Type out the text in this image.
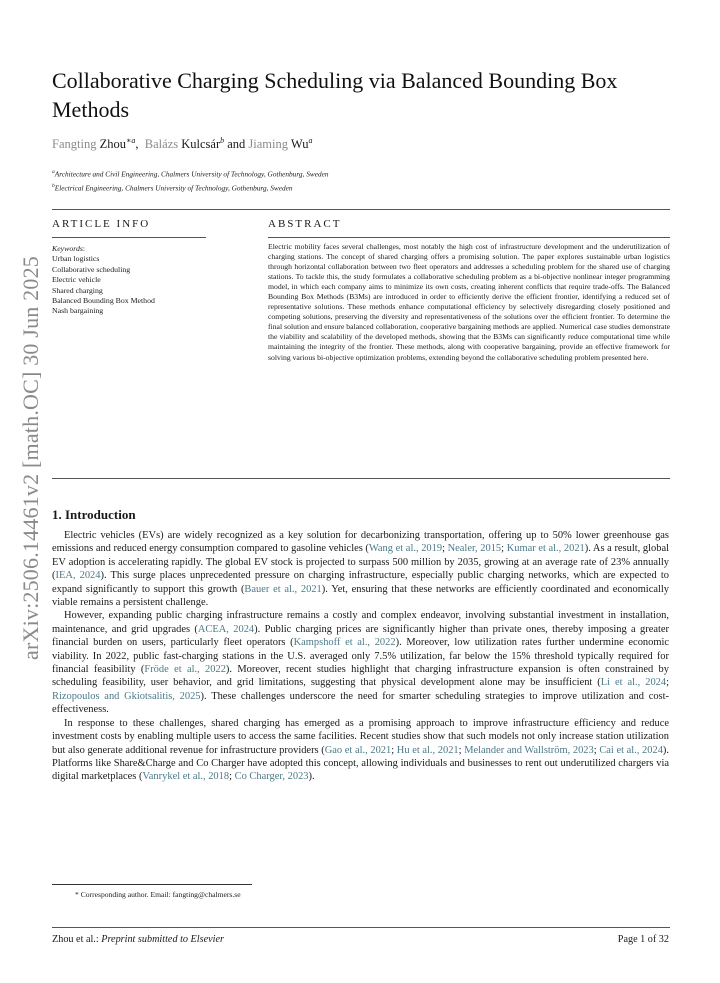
Collaborative Charging Scheduling via Balanced Bounding Box Methods
Fangting Zhou$^{∗a}$, Balázs Kulcsár$^b$ and Jiaming Wu$^a$
$^a$Architecture and Civil Engineering, Chalmers University of Technology, Gothenburg, Sweden
$^b$Electrical Engineering, Chalmers University of Technology, Gothenburg, Sweden
ARTICLE INFO	ABSTRACT
Keywords:
Urban logistics
Collaborative scheduling
Electric vehicle
Shared charging
Balanced Bounding Box Method
Nash bargaining
Electric mobility faces several challenges, most notably the high cost of infrastructure development and the underutilization of charging stations. The concept of shared charging offers a promising solution. The paper explores sustainable urban logistics through horizontal collaboration between two fleet operators and addresses a scheduling problem for the shared use of charging stations. To tackle this, the study formulates a collaborative scheduling problem as a bi-objective nonlinear integer programming model, in which each company aims to minimize its own costs, creating inherent conflicts that require trade-offs. The Balanced Bounding Box Methods (B3Ms) are introduced in order to efficiently derive the efficient frontier, identifying a reduced set of representative solutions. These methods enhance computational efficiency by selectively disregarding closely positioned and competing solutions, preserving the diversity and representativeness of the solutions over the efficient frontier. To determine the final solution and ensure balanced collaboration, cooperative bargaining methods are applied. Numerical case studies demonstrate the viability and scalability of the developed methods, showing that the B3Ms can significantly reduce computational time while maintaining the integrity of the frontier. These methods, along with cooperative bargaining, provide an effective framework for solving various bi-objective optimization problems, extending beyond the collaborative scheduling problem presented here.
arXiv:2506.14461v2 [math.OC] 30 Jun 2025 1. Introduction

Electric vehicles (EVs) are widely recognized as a key solution for decarbonizing transportation, offering up to 50% lower greenhouse gas emissions and reduced energy consumption compared to gasoline vehicles (Wang et al., 2019; Nealer, 2015; Kumar et al., 2021). As a result, global EV adoption is accelerating rapidly. The global EV stock is projected to surpass 500 million by 2035, growing at an average rate of 23% annually (IEA, 2024). This surge places unprecedented pressure on charging infrastructure, especially public charging networks, which are expected to expand significantly to support this growth (Bauer et al., 2021). Yet, ensuring that these networks are efficiently coordinated and economically viable remains a persistent challenge.

However, expanding public charging infrastructure remains a costly and complex endeavor, involving substantial investment in installation, maintenance, and grid upgrades (ACEA, 2024). Public charging prices are significantly higher than private ones, thereby imposing a greater financial burden on users, particularly fleet operators (Kampshoff et al., 2022). Moreover, low utilization rates further undermine economic viability. In 2022, public fast-charging stations in the U.S. averaged only 7.5% utilization, far below the 15% threshold typically required for financial feasibility (Fröde et al., 2022). Moreover, recent studies highlight that charging infrastructure expansion is often constrained by scheduling feasibility, user behavior, and grid limitations, suggesting that physical development alone may be insufficient (Li et al., 2024; Rizopoulos and Gkiotsalitis, 2025). These challenges underscore the need for smarter scheduling strategies to improve utilization and cost-effectiveness.

In response to these challenges, shared charging has emerged as a promising approach to improve infrastructure efficiency and reduce investment costs by enabling multiple users to access the same facilities. Recent studies show that such models not only increase station utilization but also generate additional revenue for infrastructure providers (Gao et al., 2021; Hu et al., 2021; Melander and Wallström, 2023; Cai et al., 2024). Platforms like Share&Charge and Co Charger have adopted this concept, allowing individuals and businesses to rent out underutilized chargers via digital marketplaces (Vanrykel et al., 2018; Co Charger, 2023).

* Corresponding author. Email: fangting@chalmers.se
Zhou et al.: Preprint submitted to Elsevier	Page 1 of 32
